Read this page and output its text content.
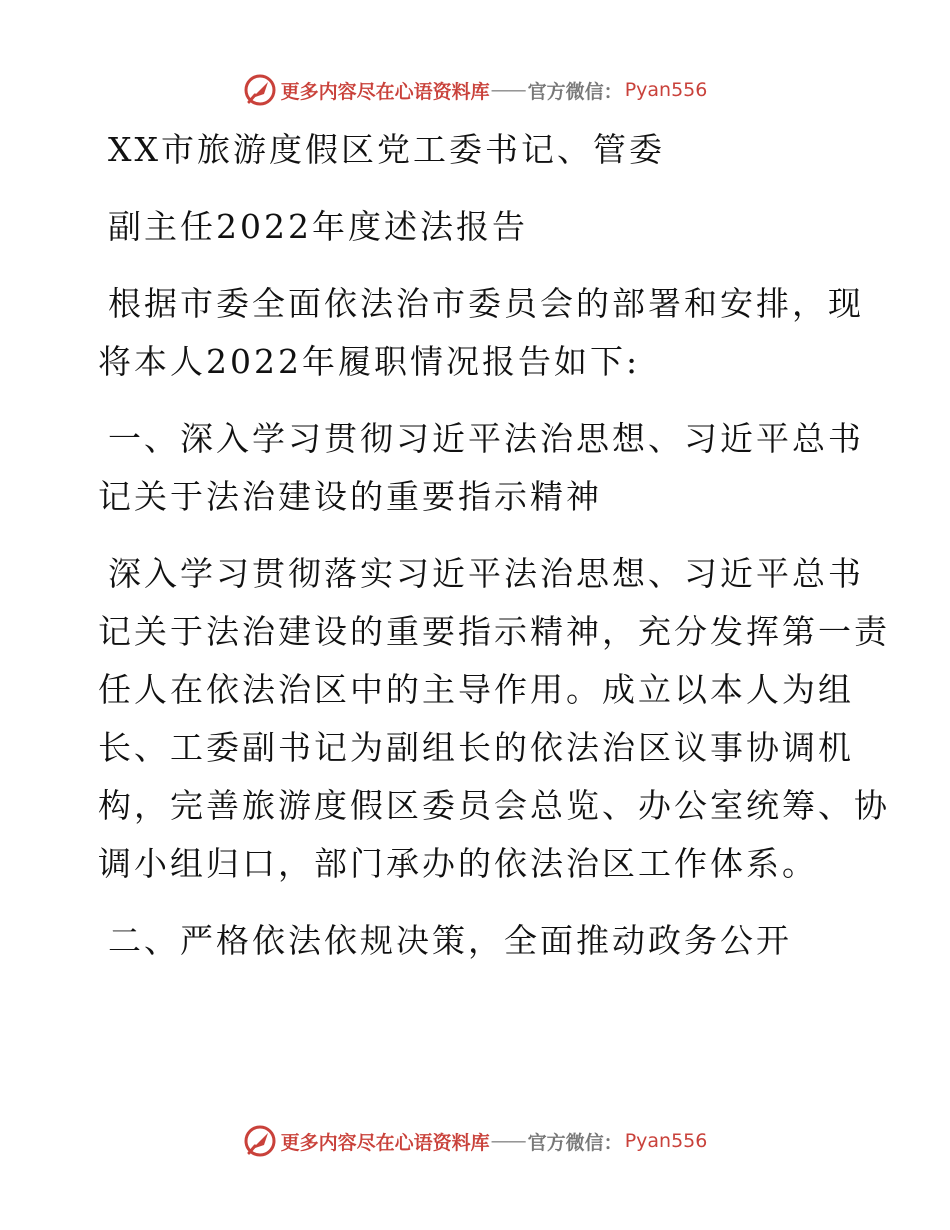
更多内容尽在心语资料库 —— 官方微信： Pyan556
XX市旅游度假区党工委书记、管委
副主任2022年度述法报告
根据市委全面依法治市委员会的部署和安排，现
将本人2022年履职情况报告如下:
一、深入学习贯彻习近平法治思想、习近平总书
记关于法治建设的重要指示精神
深入学习贯彻落实习近平法治思想、习近平总书
记关于法治建设的重要指示精神，充分发挥第一责
任人在依法治区中的主导作用。成立以本人为组
长、工委副书记为副组长的依法治区议事协调机
构，完善旅游度假区委员会总览、办公室统筹、协
调小组归口，部门承办的依法治区工作体系。
二、严格依法依规决策，全面推动政务公开
更多内容尽在心语资料库 —— 官方微信： Pyan556
